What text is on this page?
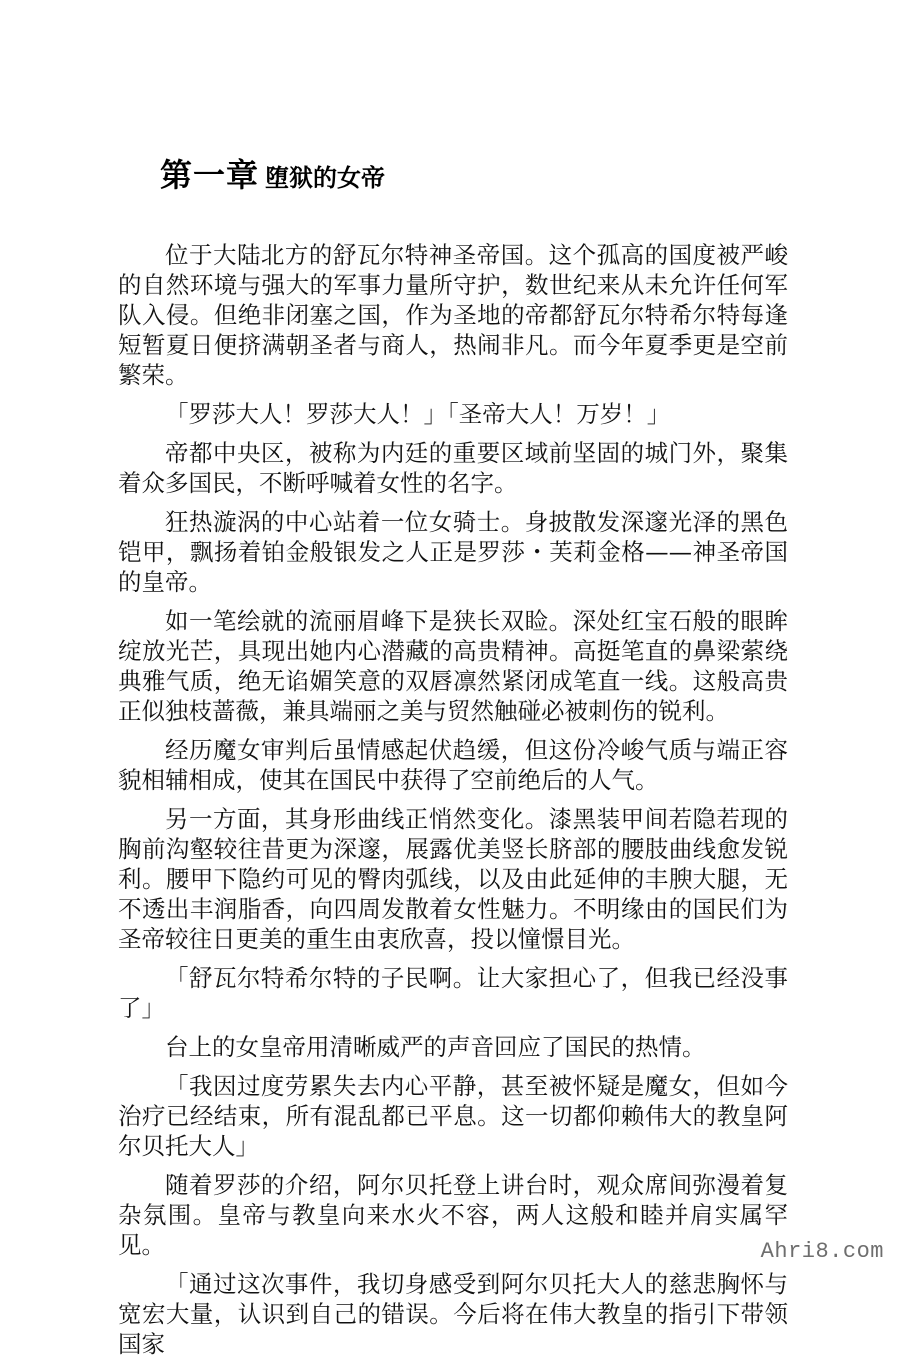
第一章 堕狱的女帝

位于大陆北方的舒瓦尔特神圣帝国。这个孤高的国度被严峻的自然环境与强大的军事力量所守护，数世纪来从未允许任何军队入侵。但绝非闭塞之国，作为圣地的帝都舒瓦尔特希尔特每逢短暂夏日便挤满朝圣者与商人，热闹非凡。而今年夏季更是空前繁荣。

「罗莎大人！罗莎大人！」「圣帝大人！万岁！」

帝都中央区，被称为内廷的重要区域前坚固的城门外，聚集着众多国民，不断呼喊着女性的名字。

狂热漩涡的中心站着一位女骑士。身披散发深邃光泽的黑色铠甲，飘扬着铂金般银发之人正是罗莎・芙莉金格——神圣帝国的皇帝。

如一笔绘就的流丽眉峰下是狭长双睑。深处红宝石般的眼眸绽放光芒，具现出她内心潜藏的高贵精神。高挺笔直的鼻梁萦绕典雅气质，绝无谄媚笑意的双唇凛然紧闭成笔直一线。这般高贵正似独枝蔷薇，兼具端丽之美与贸然触碰必被刺伤的锐利。

经历魔女审判后虽情感起伏趋缓，但这份冷峻气质与端正容貌相辅相成，使其在国民中获得了空前绝后的人气。

另一方面，其身形曲线正悄然变化。漆黑装甲间若隐若现的胸前沟壑较往昔更为深邃，展露优美竖长脐部的腰肢曲线愈发锐利。腰甲下隐约可见的臀肉弧线，以及由此延伸的丰腴大腿，无不透出丰润脂香，向四周发散着女性魅力。不明缘由的国民们为圣帝较往日更美的重生由衷欣喜，投以憧憬目光。

「舒瓦尔特希尔特的子民啊。让大家担心了，但我已经没事了」

台上的女皇帝用清晰威严的声音回应了国民的热情。

「我因过度劳累失去内心平静，甚至被怀疑是魔女，但如今治疗已经结束，所有混乱都已平息。这一切都仰赖伟大的教皇阿尔贝托大人」

随着罗莎的介绍，阿尔贝托登上讲台时，观众席间弥漫着复杂氛围。皇帝与教皇向来水火不容，两人这般和睦并肩实属罕见。

「通过这次事件，我切身感受到阿尔贝托大人的慈悲胸怀与宽宏大量，认识到自己的错误。今后将在伟大教皇的指引下带领国家

Ahri8.com
